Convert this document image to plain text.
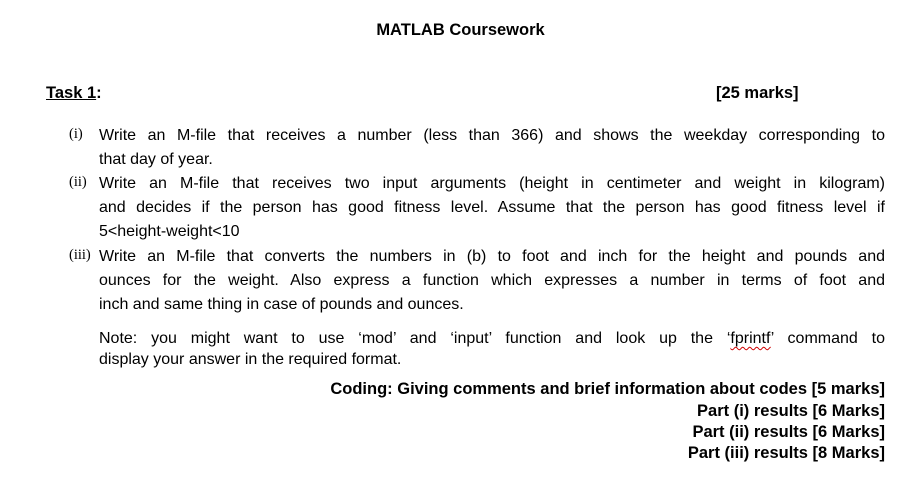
MATLAB Coursework
Task 1:	[25 marks]
(i) Write an M-file that receives a number (less than 366) and shows the weekday corresponding to
that day of year.
(ii) Write an M-file that receives two input arguments (height in centimeter and weight in kilogram)
and decides if the person has good fitness level. Assume that the person has good fitness level if
5<height-weight<10
(iii) Write an M-file that converts the numbers in (b) to foot and inch for the height and pounds and
ounces for the weight. Also express a function which expresses a number in terms of foot and
inch and same thing in case of pounds and ounces.
Note: you might want to use ‘mod’ and ‘input’ function and look up the ‘fprintf’ command to
display your answer in the required format.
Coding: Giving comments and brief information about codes [5 marks]
Part (i) results [6 Marks]
Part (ii) results [6 Marks]
Part (iii) results [8 Marks]
